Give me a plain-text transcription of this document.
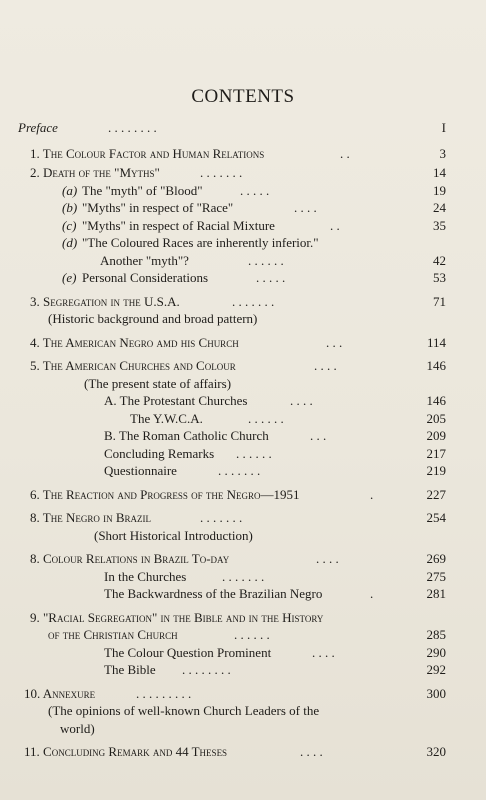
CONTENTS
Preface	. . . . . . . .	I
1. The Colour Factor and Human Relations	. .	3
2. Death of the "Myths"	. . . . . . .	14
(a) The "myth" of "Blood"	. . . . .	19
(b) "Myths" in respect of "Race"	. . . .	24
(c) "Myths" in respect of Racial Mixture	. .	35
(d) "The Coloured Races are inherently inferior."
Another "myth"?	. . . . . .	42
(e) Personal Considerations	. . . . .	53
3. Segregation in the U.S.A.	. . . . . . .	71
(Historic background and broad pattern)
4. The American Negro amd his Church	. . .	114
5. The American Churches and Colour	. . . .	146
(The present state of affairs)
A. The Protestant Churches	. . . .	146
The Y.W.C.A.	. . . . . .	205
B. The Roman Catholic Church	. . .	209
Concluding Remarks . . . . . .	217
Questionnaire	. . . . . . .	219
6. The Reaction and Progress of the Negro—1951	.	227
8. The Negro in Brazil	. . . . . . .	254
(Short Historical Introduction)
8. Colour Relations in Brazil To-day	. . . .	269
In the Churches	. . . . . . .	275
The Backwardness of the Brazilian Negro	.	281
9. "Racial Segregation" in the Bible and in the History
of the Christian Church	. . . . . .	285
The Colour Question Prominent	. . . .	290
The Bible . . . . . . . .	292
10. Annexure	. . . . . . . . .	300
(The opinions of well-known Church Leaders of the
world)
11. Concluding Remark and 44 Theses	. . . .	320
